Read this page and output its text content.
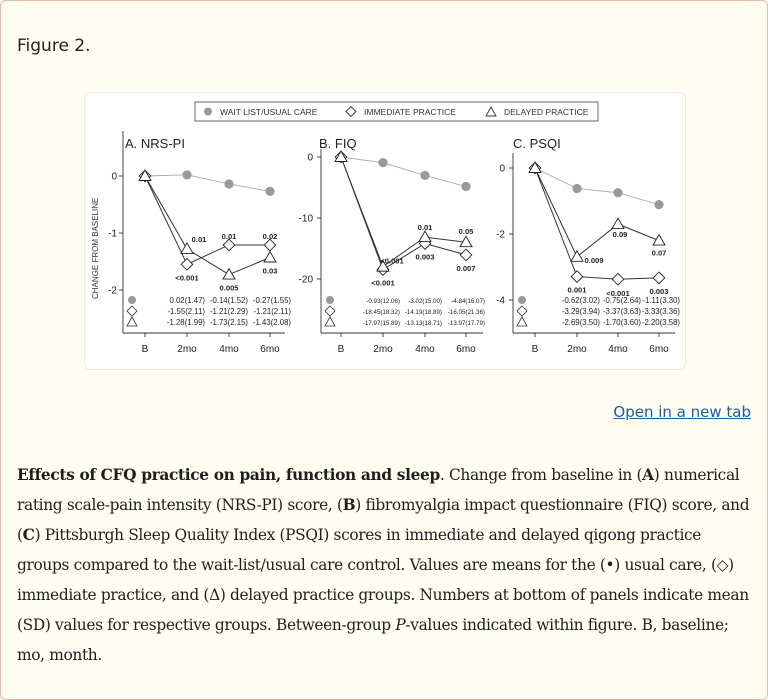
Figure 2.
WAIT LIST/USUAL CARE	IMMEDIATE PRACTICE	DELAYED PRACTICE
CHANGE FROM BASELINE
A. NRS-PI
0
-1
-2
B	2mo 4mo 6mo
<0.001
0.01	0.02
0.01
0.005
0.03
0.02(1.47) -0.14(1.52) -0.27(1.55)
-1.55(2.11) -1.21(2.29) -1.21(2.11)
-1.28(1.99) -1.73(2.15) -1.43(2.08)
B. FIQ
0
-10
-20
B	2mo 4mo 6mo
<0.001
0.003
0.007
<0.001
0.01	0.05
-0.93(12.06) -3.02(15.00) -4.84(16.07)
-18.45(18.32) -14.19(18.89) -16.05(21.36)
-17.97(15.89) -13.13(18.71) -13.97(17.79)
C. PSQI
0
-2
-4
B	2mo 4mo 6mo
0.001	<0.001	0.003
0.009
0.09
0.07
-0.62(3.02) -0.75(2.64) -1.11(3.30)
-3.29(3.94) -3.37(3.63) -3.33(3.36)
-2.69(3.50) -1.70(3.60) -2.20(3.58)
Open in a new tab
Effects of CFQ practice on pain, function and sleep. Change from baseline in (A) numerical rating scale-pain intensity (NRS-PI) score, (B) fibromyalgia impact questionnaire (FIQ) score, and (C) Pittsburgh Sleep Quality Index (PSQI) scores in immediate and delayed qigong practice groups compared to the wait-list/usual care control. Values are means for the (•) usual care, (◇) immediate practice, and (Δ) delayed practice groups. Numbers at bottom of panels indicate mean (SD) values for respective groups. Between-group P-values indicated within figure. B, baseline; mo, month.
